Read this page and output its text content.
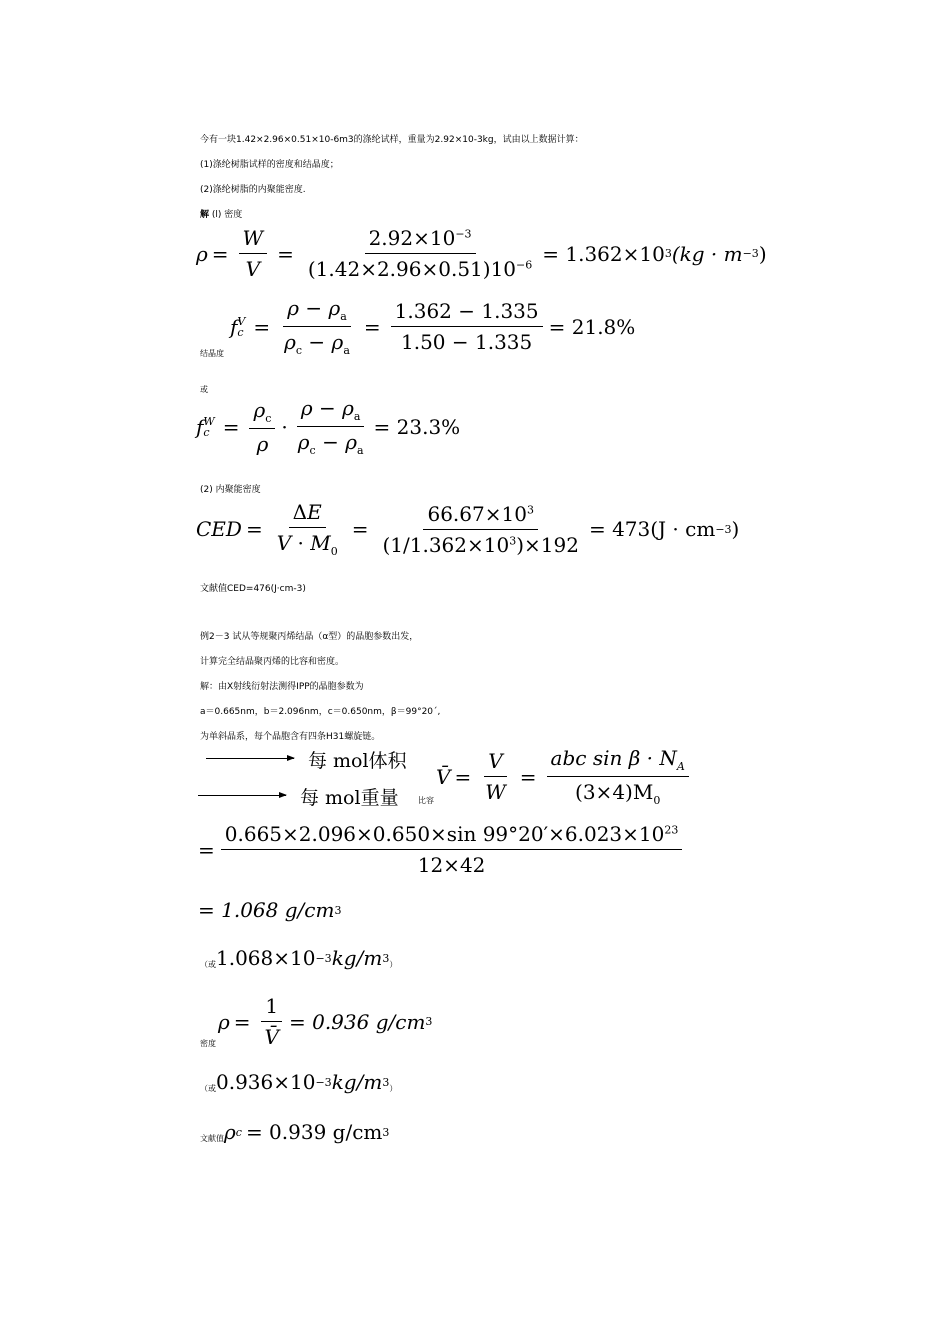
今有一块1.42×2.96×0.51×10-6m3的涤纶试样，重量为2.92×10-3kg，试由以上数据计算：
(1)涤纶树脂试样的密度和结晶度；
(2)涤纶树脂的内聚能密度.
解 (l) 密度
$\rho = \frac{W}{V} = \frac{2.92\times 10^{-3}}{(1.42\times 2.96\times 0.51)10^{-6}} = 1.362\times 10$ 3 (kg · m −3 )
f V
$c = \frac{\rho - \rho_a}{\rho_c - \rho_a} = \frac{1.362 - 1.335}{1.50 - 1.335} = 21.8\%$
结晶度
或
f W
$c = \frac{\rho_c}{\rho} \cdot \frac{\rho - \rho_a}{\rho_c - \rho_a} = 23.3\%$
(2) 内聚能密度
CED = $\frac{\Delta E}{V \cdot M_0} = \frac{66.67\times 10^3}{(1/1.362\times 10^3)\times 192} = 473(J$ · cm −3 )
文献值CED=476(J·cm-3)
例2－3 试从等规聚丙烯结晶（α型）的晶胞参数出发，
计算完全结晶聚丙烯的比容和密度。
解：由X射线衍射法测得IPP的晶胞参数为
a＝0.665nm，b＝2.096nm，c＝0.650nm，β＝99°20´,
为单斜晶系，每个晶胞含有四条H31螺旋链。
每 mol体积
每 mol重量 比容
V̄ = $\frac{V}{W} = \frac{abc \sin \beta \cdot N_A}{(3\times 4)M_0}$
= $\frac{0.665\times 2.096\times 0.650\times\sin 99^\circ 20'\times 6.023\times 10^{23}}{12\times 42}$
= 1.068 g/cm 3
（或 1.068×10 −3 kg/m 3 ）
$\rho = \frac{1}{V̄} = 0.936$ g/cm 3
密度
（或 0.936×10 −3 kg/m 3 ）
文献值 ρ c = 0.939 g/cm 3
